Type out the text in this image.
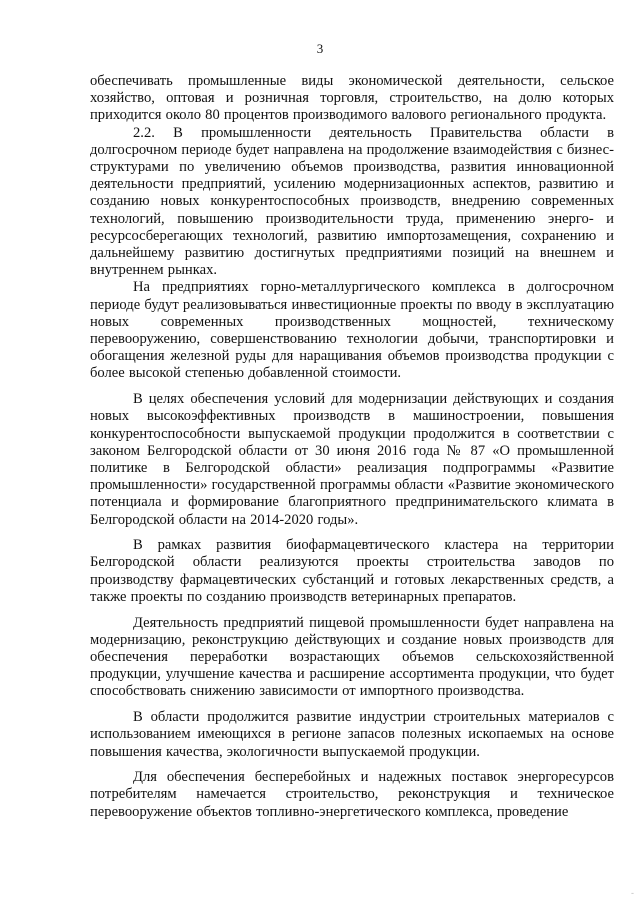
3

обеспечивать промышленные виды экономической деятельности, сельское хозяйство, оптовая и розничная торговля, строительство, на долю которых приходится около 80 процентов производимого валового регионального продукта.

2.2. В промышленности деятельность Правительства области в долгосрочном периоде будет направлена на продолжение взаимодействия с бизнес-структурами по увеличению объемов производства, развития инновационной деятельности предприятий, усилению модернизационных аспектов, развитию и созданию новых конкурентоспособных производств, внедрению современных технологий, повышению производительности труда, применению энерго- и ресурсосберегающих технологий, развитию импортозамещения, сохранению и дальнейшему развитию достигнутых предприятиями позиций на внешнем и внутреннем рынках.

На предприятиях горно-металлургического комплекса в долгосрочном периоде будут реализовываться инвестиционные проекты по вводу в эксплуатацию новых современных производственных мощностей, техническому перевооружению, совершенствованию технологии добычи, транспортировки и обогащения железной руды для наращивания объемов производства продукции с более высокой степенью добавленной стоимости.

В целях обеспечения условий для модернизации действующих и создания новых высокоэффективных производств в машиностроении, повышения конкурентоспособности выпускаемой продукции продолжится в соответствии с законом Белгородской области от 30 июня 2016 года № 87 «О промышленной политике в Белгородской области» реализация подпрограммы «Развитие промышленности» государственной программы области «Развитие экономического потенциала и формирование благоприятного предпринимательского климата в Белгородской области на 2014-2020 годы».

В рамках развития биофармацевтического кластера на территории Белгородской области реализуются проекты строительства заводов по производству фармацевтических субстанций и готовых лекарственных средств, а также проекты по созданию производств ветеринарных препаратов.

Деятельность предприятий пищевой промышленности будет направлена на модернизацию, реконструкцию действующих и создание новых производств для обеспечения переработки возрастающих объемов сельскохозяйственной продукции, улучшение качества и расширение ассортимента продукции, что будет способствовать снижению зависимости от импортного производства.

В области продолжится развитие индустрии строительных материалов с использованием имеющихся в регионе запасов полезных ископаемых на основе повышения качества, экологичности выпускаемой продукции.

Для обеспечения бесперебойных и надежных поставок энергоресурсов потребителям намечается строительство, реконструкция и техническое перевооружение объектов топливно-энергетического комплекса, проведение

-
